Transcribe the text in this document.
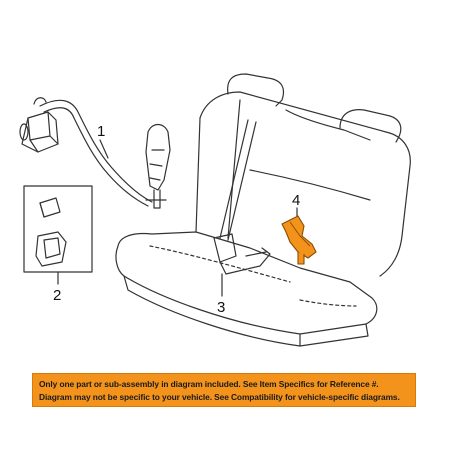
1
2
3
4
Only one part or sub-assembly in diagram included. See Item Specifics for Reference #.
Diagram may not be specific to your vehicle. See Compatibility for vehicle-specific diagrams.
